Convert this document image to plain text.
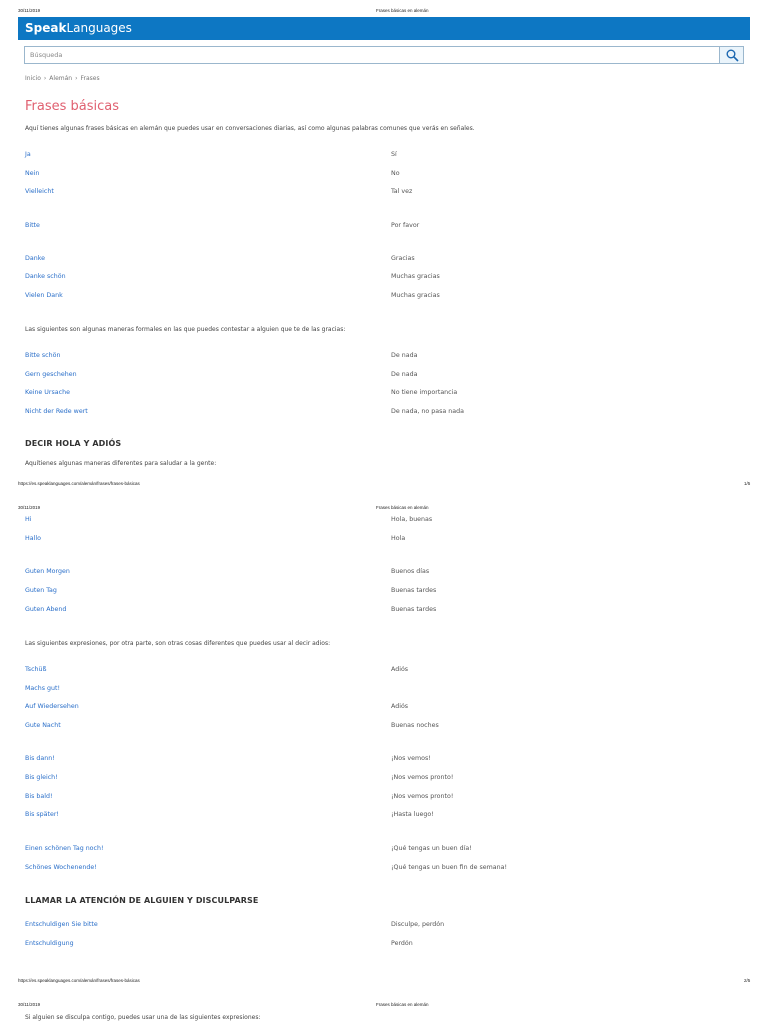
30/11/2019	Frases básicas en alemán
SpeakLanguages
Búsqueda
Inicio › Alemán › Frases
Frases básicas
Aquí tienes algunas frases básicas en alemán que puedes usar en conversaciones diarias, así como algunas palabras comunes que verás en señales.
Ja	Sí
Nein	No
Vielleicht	Tal vez
Bitte	Por favor
Danke	Gracias
Danke schön	Muchas gracias
Vielen Dank	Muchas gracias
Las siguientes son algunas maneras formales en las que puedes contestar a alguien que te de las gracias:
Bitte schön	De nada
Gern geschehen	De nada
Keine Ursache	No tiene importancia
Nicht der Rede wert	De nada, no pasa nada
DECIR HOLA Y ADIÓS
Aquítienes algunas maneras diferentes para saludar a la gente:
https://es.speaklanguages.com/alemán/frases/frases-básicas	1/5
30/11/2019	Frases básicas en alemán
Hi	Hola, buenas
Hallo	Hola
Guten Morgen	Buenos días
Guten Tag	Buenas tardes
Guten Abend	Buenas tardes
Las siguientes expresiones, por otra parte, son otras cosas diferentes que puedes usar al decir adios:
Tschüß	Adiós
Machs gut!
Auf Wiedersehen	Adiós
Gute Nacht	Buenas noches
Bis dann!	¡Nos vemos!
Bis gleich!	¡Nos vemos pronto!
Bis bald!	¡Nos vemos pronto!
Bis später!	¡Hasta luego!
Einen schönen Tag noch!	¡Qué tengas un buen día!
Schönes Wochenende!	¡Qué tengas un buen fin de semana!
LLAMAR LA ATENCIÓN DE ALGUIEN Y DISCULPARSE
Entschuldigen Sie bitte	Disculpe, perdón
Entschuldigung	Perdón
https://es.speaklanguages.com/alemán/frases/frases-básicas	2/5
30/11/2019	Frases básicas en alemán
Si alguien se disculpa contigo, puedes usar una de las siguientes expresiones:
